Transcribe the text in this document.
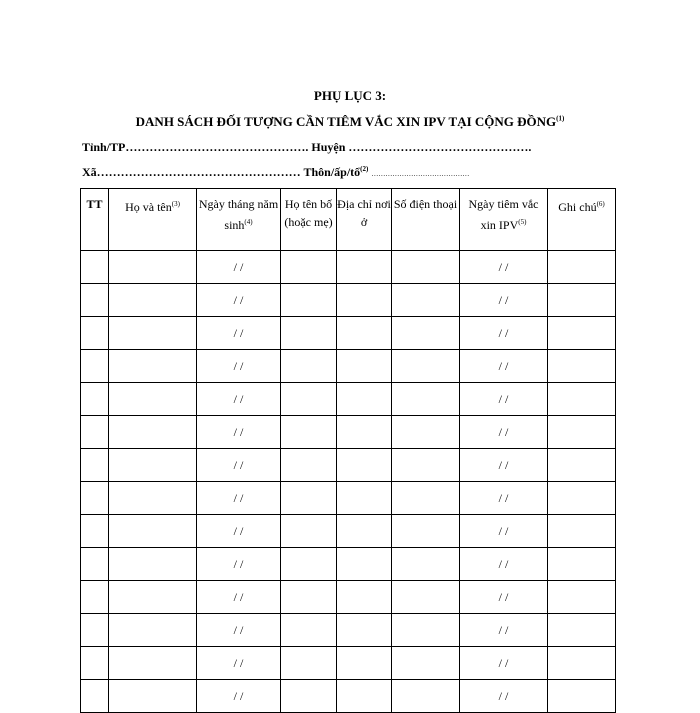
PHỤ LỤC 3:
DANH SÁCH ĐỐI TƯỢNG CẦN TIÊM VẮC XIN IPV TẠI CỘNG ĐỒNG$^{(1)}$
Tỉnh/TP………………………………………. Huyện ……………………………………….
Xã…………………………………………… Thôn/ấp/tổ$^{(2)}$ ……………………………………
TT	Họ và tên$^{(3)}$	Ngày tháng năm $\sinh^{(4)}$	Họ tên bố (hoặc mẹ)	Địa chỉ nơi ở	Số điện thoại	Ngày tiêm vắc xin IPV$^{(5)}$	Ghi chú$^{(6)}$
		/ /				/ /	
		/ /				/ /	
		/ /				/ /	
		/ /				/ /	
		/ /				/ /	
		/ /				/ /	
		/ /				/ /	
		/ /				/ /	
		/ /				/ /	
		/ /				/ /	
		/ /				/ /	
		/ /				/ /	
		/ /				/ /	
		/ /				/ /	
